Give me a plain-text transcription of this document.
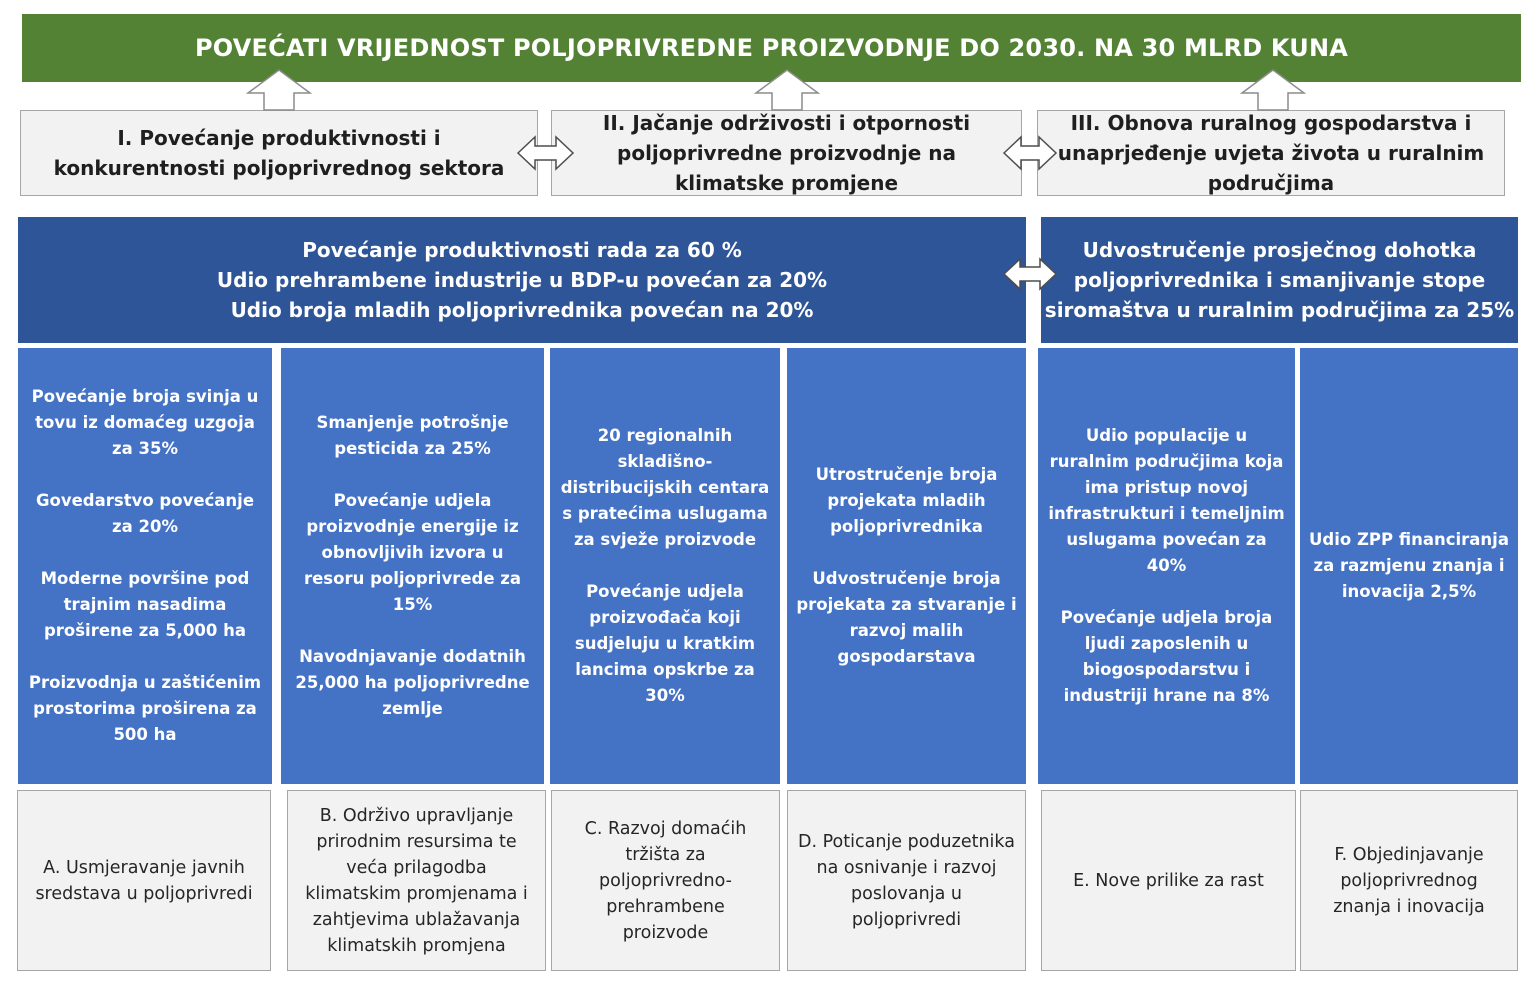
POVEĆATI VRIJEDNOST POLJOPRIVREDNE PROIZVODNJE DO 2030. NA 30 MLRD KUNA
I. Povećanje produktivnosti i konkurentnosti poljoprivrednog sektora
II. Jačanje održivosti i otpornosti poljoprivredne proizvodnje na klimatske promjene
III. Obnova ruralnog gospodarstva i unaprjeđenje uvjeta života u ruralnim područjima
Povećanje produktivnosti rada za 60 %
Udio prehrambene industrije u BDP-u povećan za 20%
Udio broja mladih poljoprivrednika povećan na 20%
Udvostručenje prosječnog dohotka
poljoprivrednika i smanjivanje stope
siromaštva u ruralnim područjima za 25%
Povećanje broja svinja u tovu iz domaćeg uzgoja za 35%
Govedarstvo povećanje za 20%
Moderne površine pod trajnim nasadima proširene za 5,000 ha
Proizvodnja u zaštićenim prostorima proširena za 500 ha
Smanjenje potrošnje pesticida za 25%
Povećanje udjela proizvodnje energije iz obnovljivih izvora u resoru poljoprivrede za 15%
Navodnjavanje dodatnih 25,000 ha poljoprivredne zemlje
20 regionalnih skladišno-distribucijskih centara s pratećima uslugama za svježe proizvode
Povećanje udjela proizvođača koji sudjeluju u kratkim lancima opskrbe za 30%
Utrostručenje broja projekata mladih poljoprivrednika
Udvostručenje broja projekata za stvaranje i razvoj malih gospodarstava
Udio populacije u ruralnim područjima koja ima pristup novoj infrastrukturi i temeljnim uslugama povećan za 40%
Povećanje udjela broja ljudi zaposlenih u biogospodarstvu i industriji hrane na 8%
Udio ZPP financiranja za razmjenu znanja i inovacija 2,5%
A. Usmjeravanje javnih sredstava u poljoprivredi
B. Održivo upravljanje prirodnim resursima te veća prilagodba klimatskim promjenama i zahtjevima ublažavanja klimatskih promjena
C. Razvoj domaćih tržišta za poljoprivredno-prehrambene proizvode
D. Poticanje poduzetnika na osnivanje i razvoj poslovanja u poljoprivredi
E. Nove prilike za rast
F. Objedinjavanje poljoprivrednog znanja i inovacija
